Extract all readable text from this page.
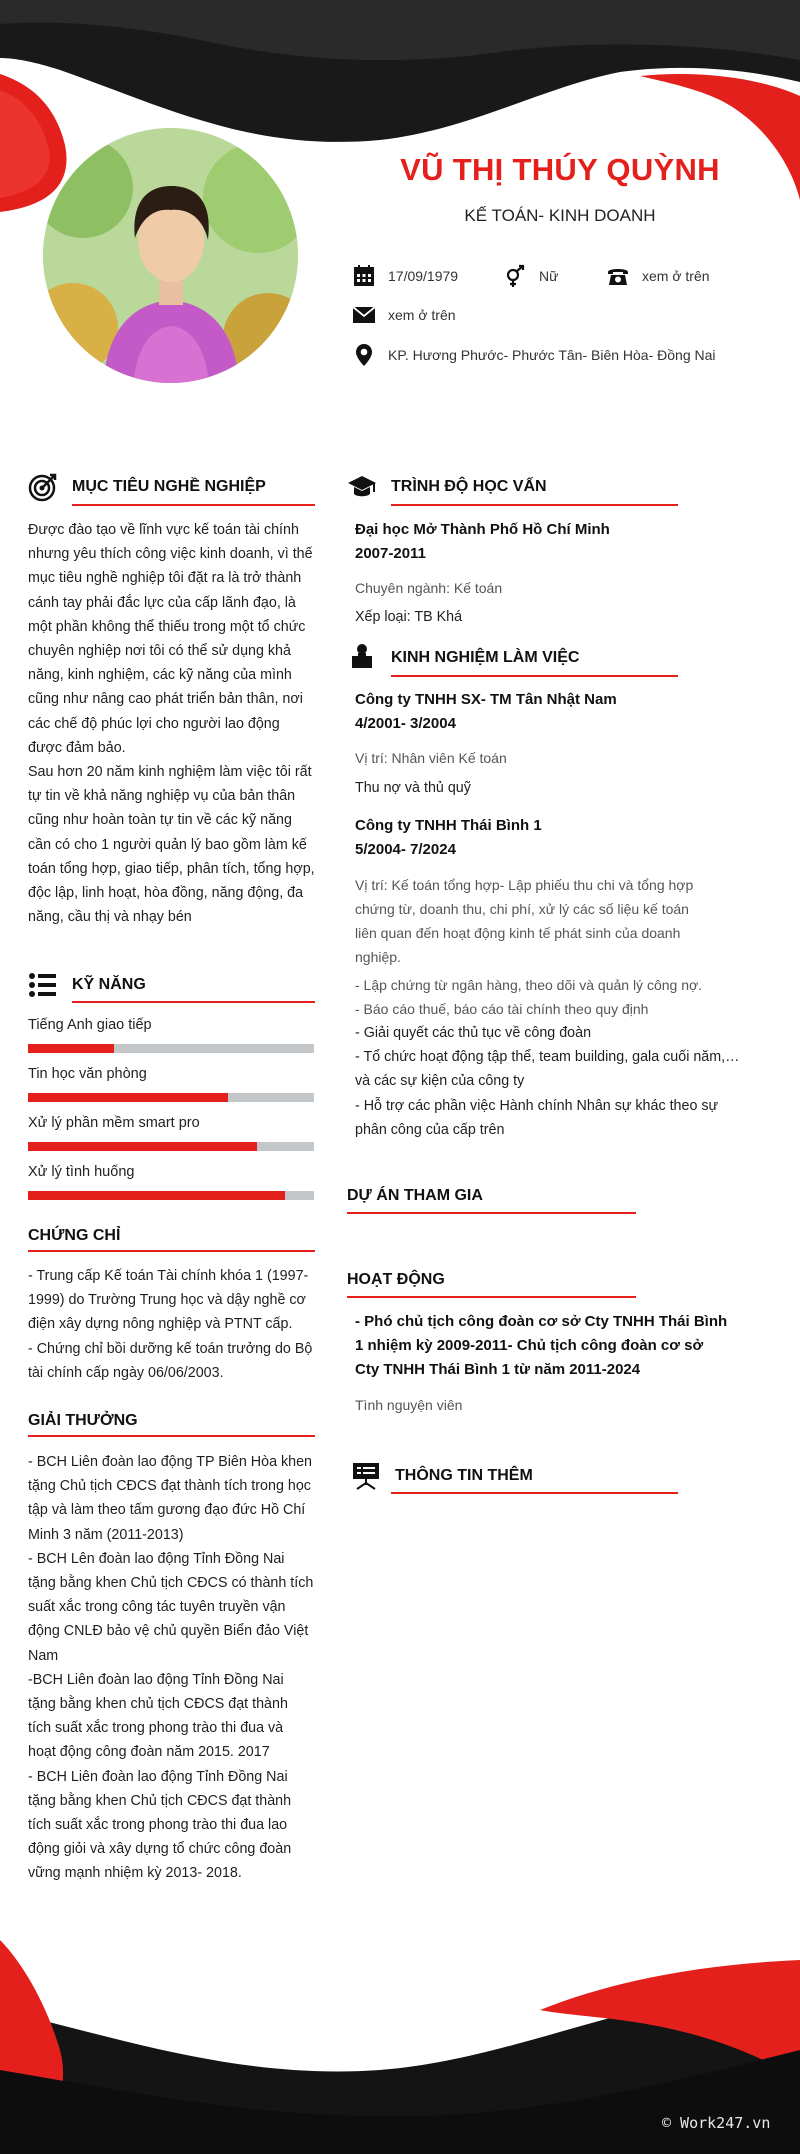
VŨ THỊ THÚY QUỲNH
KẾ TOÁN- KINH DOANH
17/09/1979	Nữ	xem ở trên
xem ở trên
KP. Hương Phước- Phước Tân- Biên Hòa- Đồng Nai
MỤC TIÊU NGHỀ NGHIỆP
Được đào tạo về lĩnh vực kế toán tài chính
nhưng yêu thích công việc kinh doanh, vì thế
mục tiêu nghề nghiệp tôi đặt ra là trở thành
cánh tay phải đắc lực của cấp lãnh đạo, là
một phần không thể thiếu trong một tổ chức
chuyên nghiệp nơi tôi có thể sử dụng khả
năng, kinh nghiệm, các kỹ năng của mình
cũng như nâng cao phát triển bản thân, nơi
các chế độ phúc lợi cho người lao động
được đảm bảo.
Sau hơn 20 năm kinh nghiệm làm việc tôi rất
tự tin về khả năng nghiệp vụ của bản thân
cũng như hoàn toàn tự tin về các kỹ năng
cần có cho 1 người quản lý bao gồm làm kế
toán tổng hợp, giao tiếp, phân tích, tổng hợp,
độc lập, linh hoạt, hòa đồng, năng động, đa
năng, cầu thị và nhạy bén
KỸ NĂNG
Tiếng Anh giao tiếp
Tin học văn phòng
Xử lý phần mềm smart pro
Xử lý tình huống
CHỨNG CHỈ
- Trung cấp Kế toán Tài chính khóa 1 (1997-
1999) do Trường Trung học và dậy nghề cơ
điện xây dựng nông nghiệp và PTNT cấp.
- Chứng chỉ bồi dưỡng kế toán trưởng do Bộ
tài chính cấp ngày 06/06/2003.
GIẢI THƯỞNG
- BCH Liên đoàn lao động TP Biên Hòa khen
tặng Chủ tịch CĐCS đạt thành tích trong học
tập và làm theo tấm gương đạo đức Hồ Chí
Minh 3 năm (2011-2013)
- BCH Lên đoàn lao động Tỉnh Đồng Nai
tặng bằng khen Chủ tịch CĐCS có thành tích
suất xắc trong công tác tuyên truyền vận
động CNLĐ bảo vệ chủ quyền Biển đảo Việt
Nam
-BCH Liên đoàn lao động Tỉnh Đồng Nai
tặng bằng khen chủ tịch CĐCS đạt thành
tích suất xắc trong phong trào thi đua và
hoạt động công đoàn năm 2015. 2017
- BCH Liên đoàn lao động Tỉnh Đồng Nai
tặng bằng khen Chủ tịch CĐCS đạt thành
tích suất xắc trong phong trào thi đua lao
động giỏi và xây dựng tổ chức công đoàn
vững mạnh nhiệm kỳ 2013- 2018.
TRÌNH ĐỘ HỌC VẤN
Đại học Mở Thành Phố Hồ Chí Minh
2007-2011
Chuyên ngành: Kế toán
Xếp loại: TB Khá
KINH NGHIỆM LÀM VIỆC
Công ty TNHH SX- TM Tân Nhật Nam
4/2001- 3/2004
Vị trí: Nhân viên Kế toán
Thu nợ và thủ quỹ
Công ty TNHH Thái Bình 1
5/2004- 7/2024
Vị trí: Kế toán tổng hợp- Lập phiếu thu chi và tổng hợp
chứng từ, doanh thu, chi phí, xử lý các số liệu kế toán
liên quan đến hoạt động kinh tế phát sinh của doanh
nghiệp.
- Lập chứng từ ngân hàng, theo dõi và quản lý công nợ.
- Báo cáo thuế, báo cáo tài chính theo quy định
- Giải quyết các thủ tục về công đoàn
- Tổ chức hoạt động tập thể, team building, gala cuối năm,…
và các sự kiện của công ty
- Hỗ trợ các phần việc Hành chính Nhân sự khác theo sự
phân công của cấp trên
DỰ ÁN THAM GIA
HOẠT ĐỘNG
- Phó chủ tịch công đoàn cơ sở Cty TNHH Thái Bình
1 nhiệm kỳ 2009-2011- Chủ tịch công đoàn cơ sở
Cty TNHH Thái Bình 1 từ năm 2011-2024
Tình nguyện viên
THÔNG TIN THÊM
© Work247.vn
